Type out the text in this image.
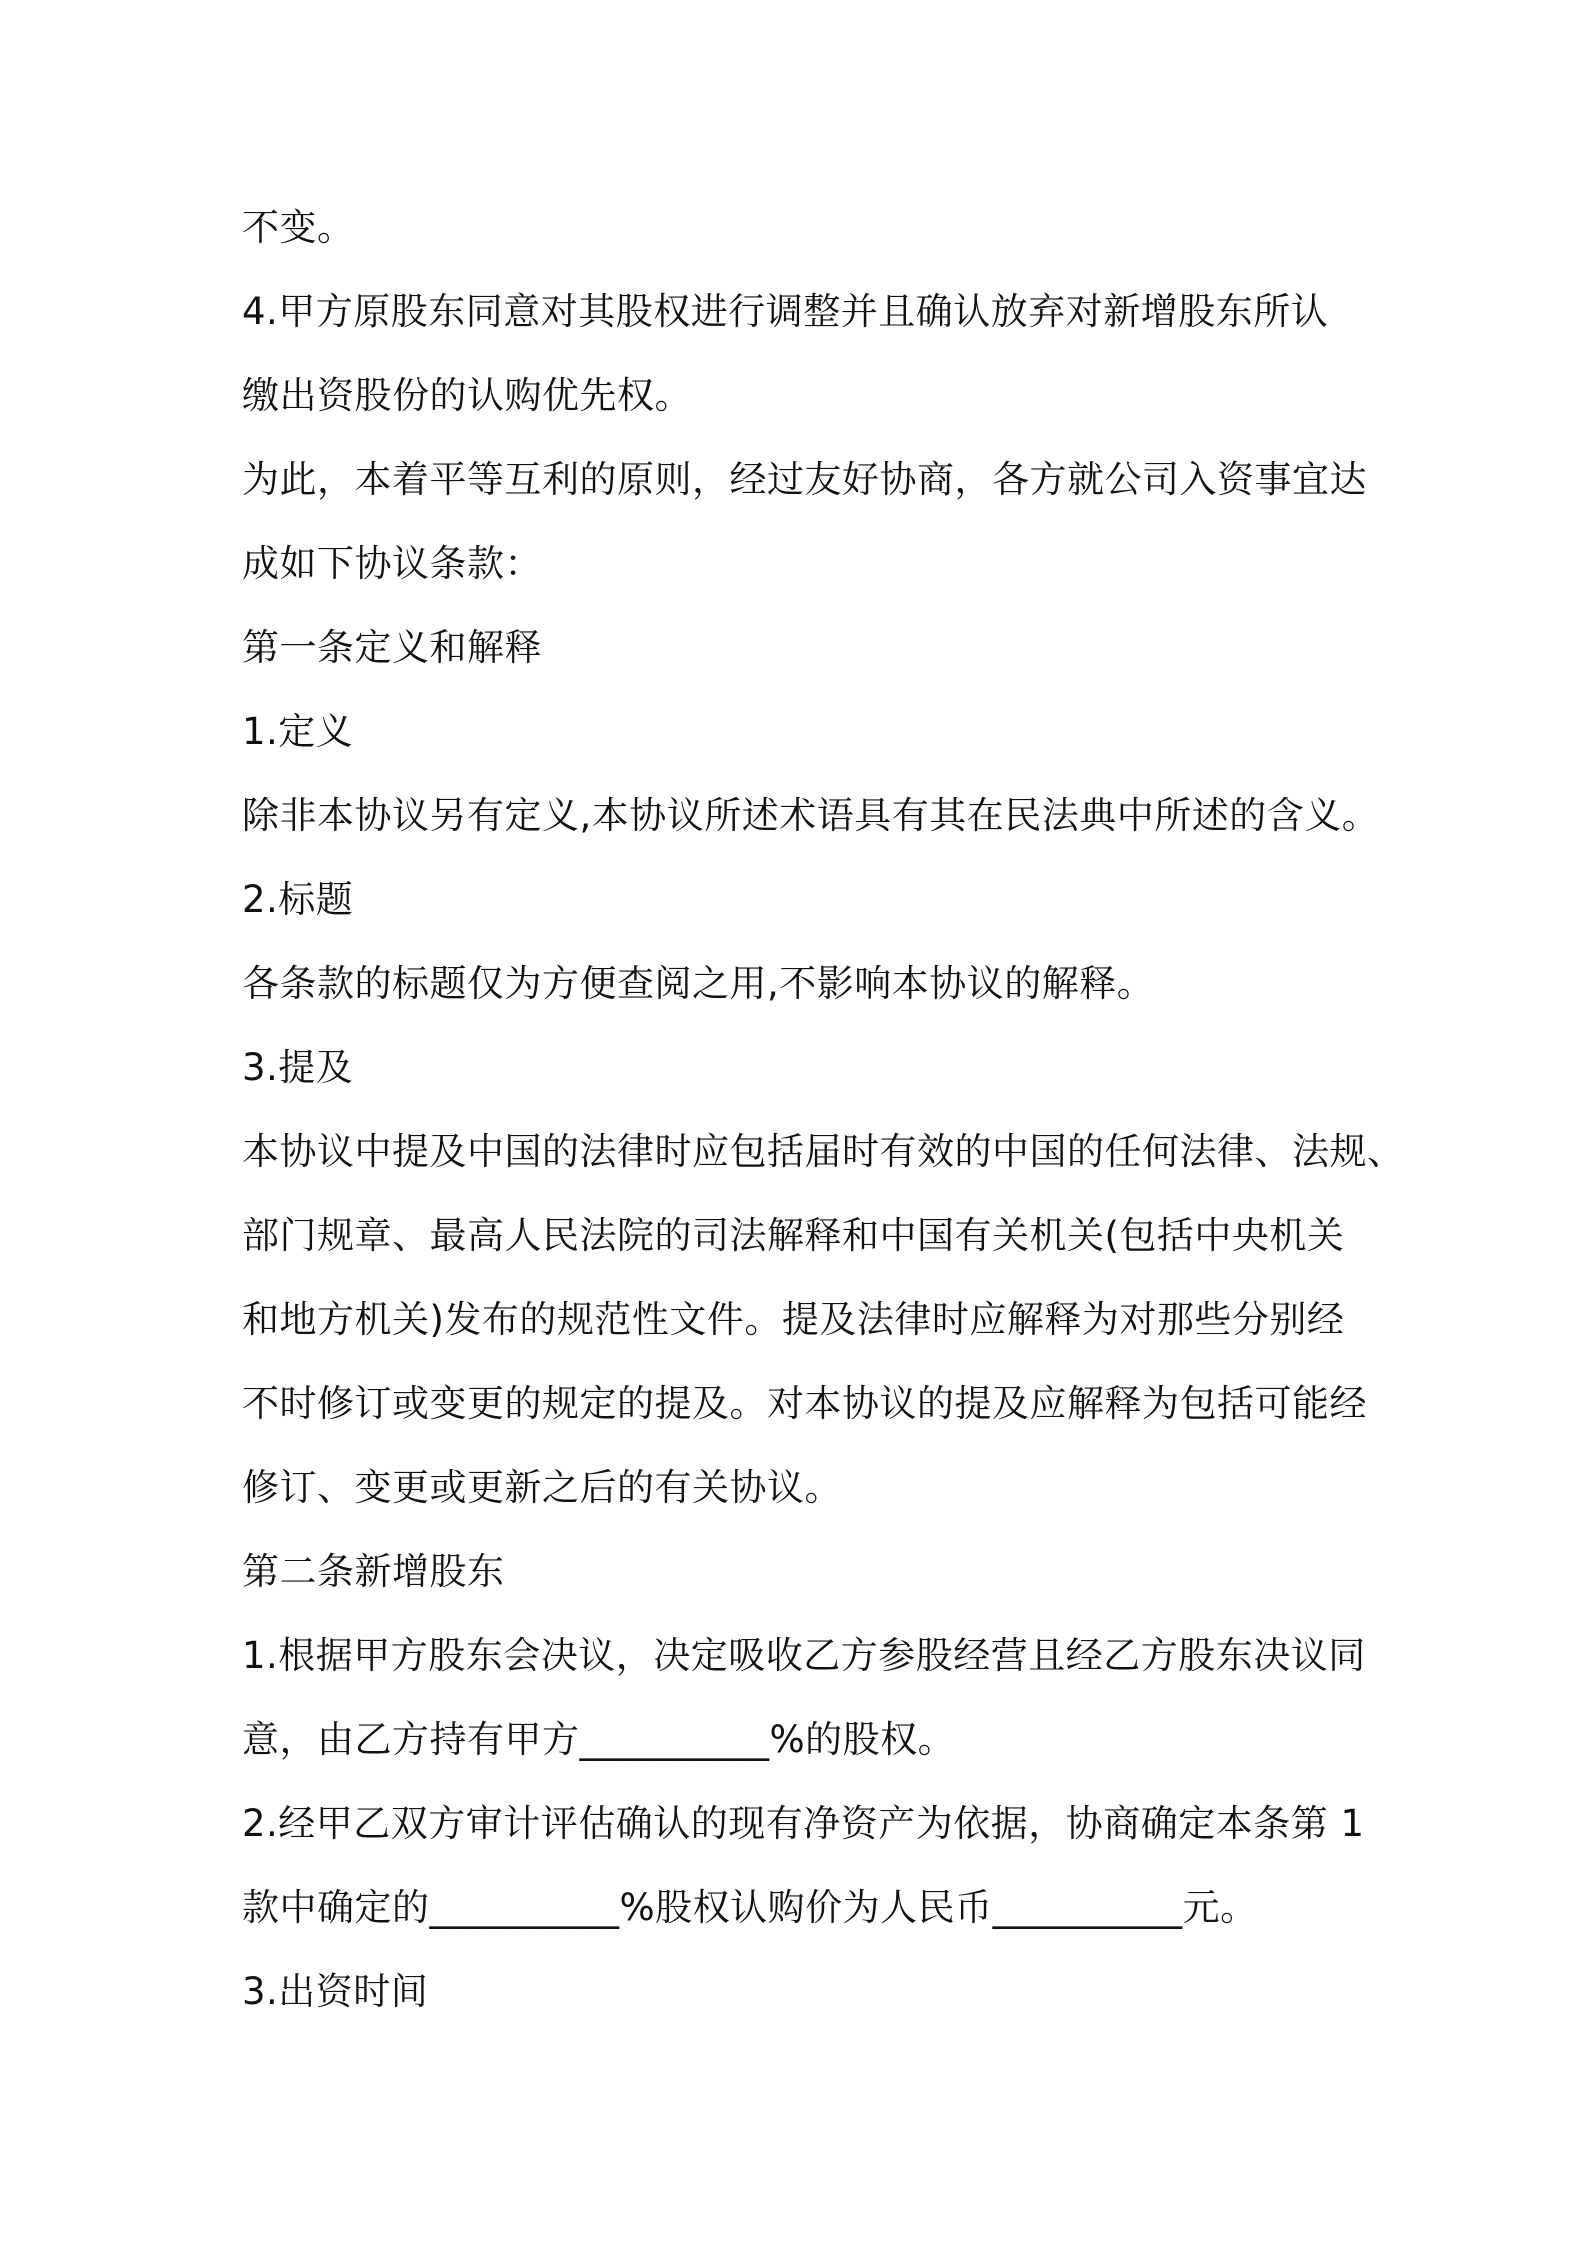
不变。

4.甲方原股东同意对其股权进行调整并且确认放弃对新增股东所认

缴出资股份的认购优先权。

为此，本着平等互利的原则，经过友好协商，各方就公司入资事宜达

成如下协议条款：

第一条定义和解释

1.定义

除非本协议另有定义,本协议所述术语具有其在民法典中所述的含义。

2.标题

各条款的标题仅为方便查阅之用,不影响本协议的解释。

3.提及

本协议中提及中国的法律时应包括届时有效的中国的任何法律、法规、

部门规章、最高人民法院的司法解释和中国有关机关(包括中央机关

和地方机关)发布的规范性文件。提及法律时应解释为对那些分别经

不时修订或变更的规定的提及。对本协议的提及应解释为包括可能经

修订、变更或更新之后的有关协议。

第二条新增股东

1.根据甲方股东会决议，决定吸收乙方参股经营且经乙方股东决议同

意，由乙方持有甲方__________%的股权。

2.经甲乙双方审计评估确认的现有净资产为依据，协商确定本条第 1

款中确定的__________%股权认购价为人民币__________元。

3.出资时间
